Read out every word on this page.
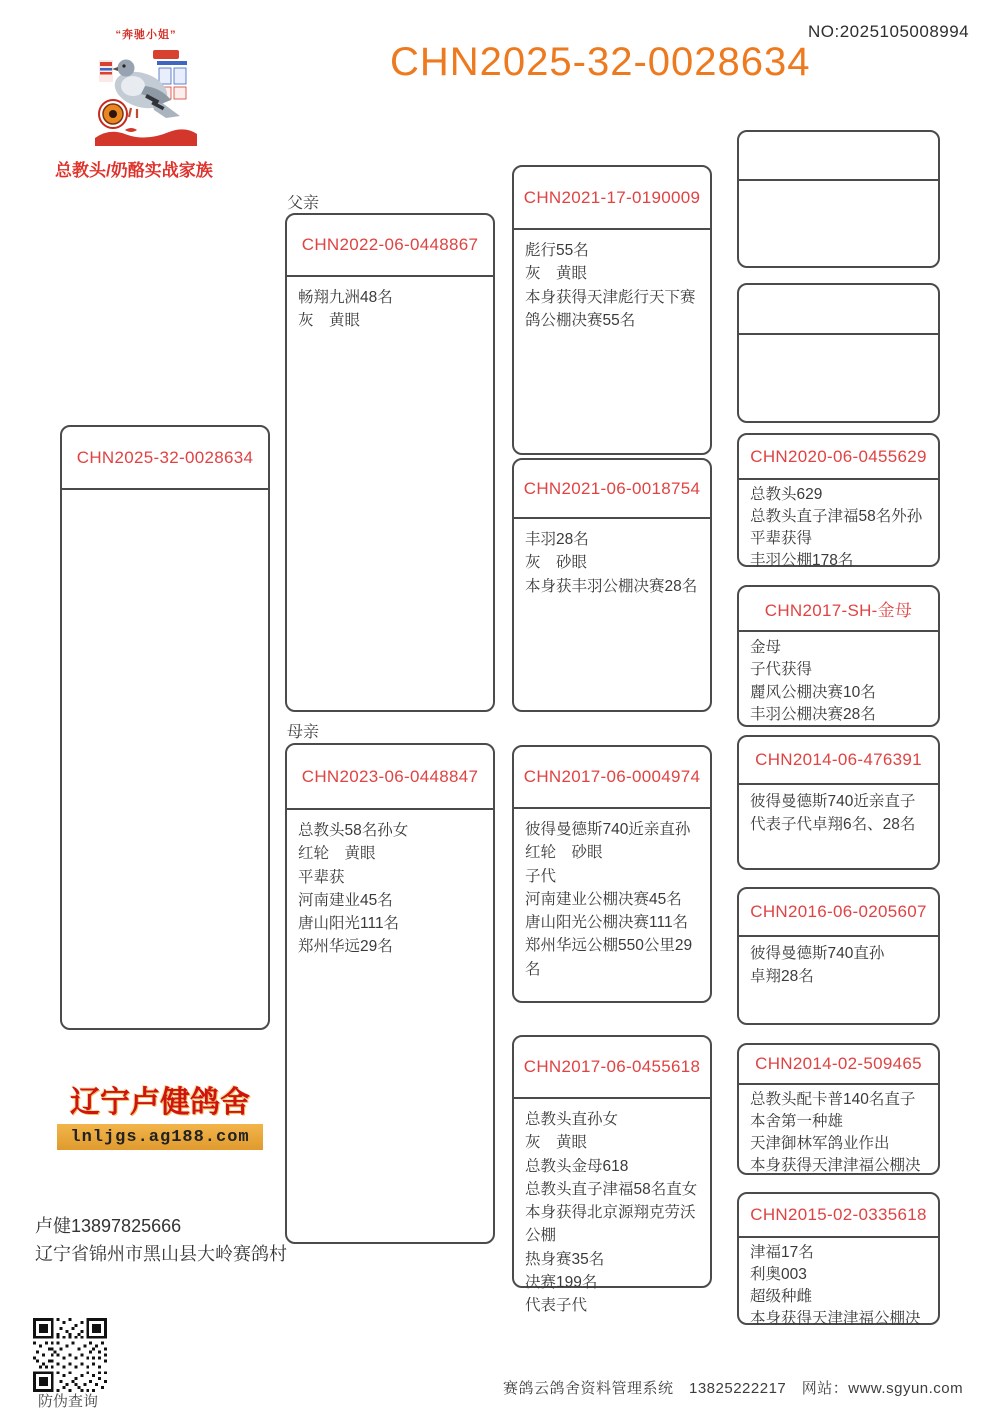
NO:2025105008994
CHN2025-32-0028634
“奔驰小姐”
总教头/奶酪实战家族
父亲
母亲
CHN2025-32-0028634
CHN2022-06-0448867
畅翔九洲48名
灰　黄眼
CHN2023-06-0448847
总教头58名孙女
红轮　黄眼
平辈获
河南建业45名
唐山阳光111名
郑州华远29名
CHN2021-17-0190009
彪行55名
灰　黄眼
本身获得天津彪行天下赛鸽公棚决赛55名
CHN2021-06-0018754
丰羽28名
灰　砂眼
本身获丰羽公棚决赛28名
CHN2017-06-0004974
彼得曼德斯740近亲直孙
红轮　砂眼
子代
河南建业公棚决赛45名
唐山阳光公棚决赛111名
郑州华远公棚550公里29名
CHN2017-06-0455618
总教头直孙女
灰　黄眼
总教头金母618
总教头直子津福58名直女
本身获得北京源翔克劳沃公棚
热身赛35名
决赛199名
代表子代
CHN2020-06-0455629
总教头629
总教头直子津福58名外孙
平辈获得
丰羽公棚178名
CHN2017-SH-金母
金母
子代获得
麗风公棚决赛10名
丰羽公棚决赛28名
CHN2014-06-476391
彼得曼德斯740近亲直子
代表子代卓翔6名、28名
CHN2016-06-0205607
彼得曼德斯740直孙
卓翔28名
CHN2014-02-509465
总教头配卡普140名直子
本舍第一种雄
天津御林军鸽业作出
本身获得天津津福公棚决
CHN2015-02-0335618
津福17名
利奥003
超级种雌
本身获得天津津福公棚决
辽宁卢健鸽舍
lnljgs.ag188.com
卢健13897825666
辽宁省锦州市黑山县大岭赛鸽村
防伪查询
赛鸽云鸽舍资料管理系统　13825222217　网站：www.sgyun.com
